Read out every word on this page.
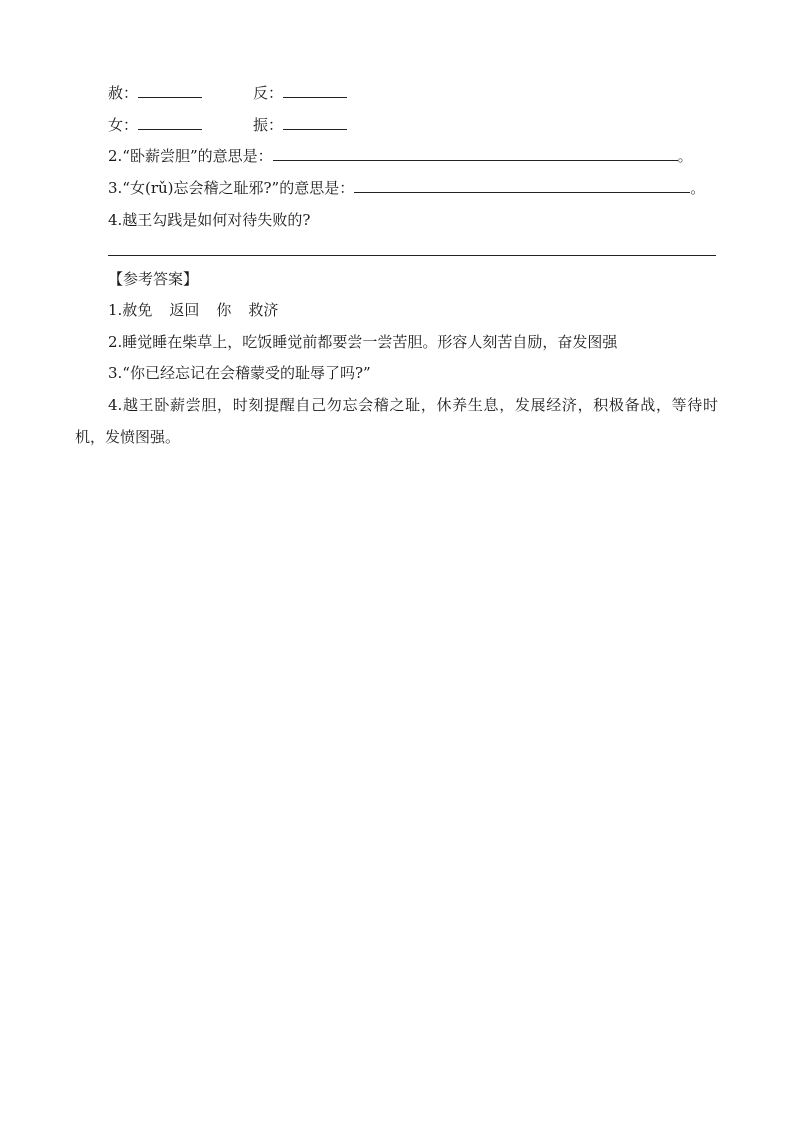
赦：	反：
女：	振：
2.“卧薪尝胆”的意思是：	。
3.“女(rǔ)忘会稽之耻邪?”的意思是：	。
4.越王勾践是如何对待失败的?
【参考答案】
1.赦免 返回 你 救济
2.睡觉睡在柴草上，吃饭睡觉前都要尝一尝苦胆。形容人刻苦自励，奋发图强
3.“你已经忘记在会稽蒙受的耻辱了吗?”
4.越王卧薪尝胆，时刻提醒自己勿忘会稽之耻，休养生息，发展经济，积极备战，等待时机，发愤图强。
